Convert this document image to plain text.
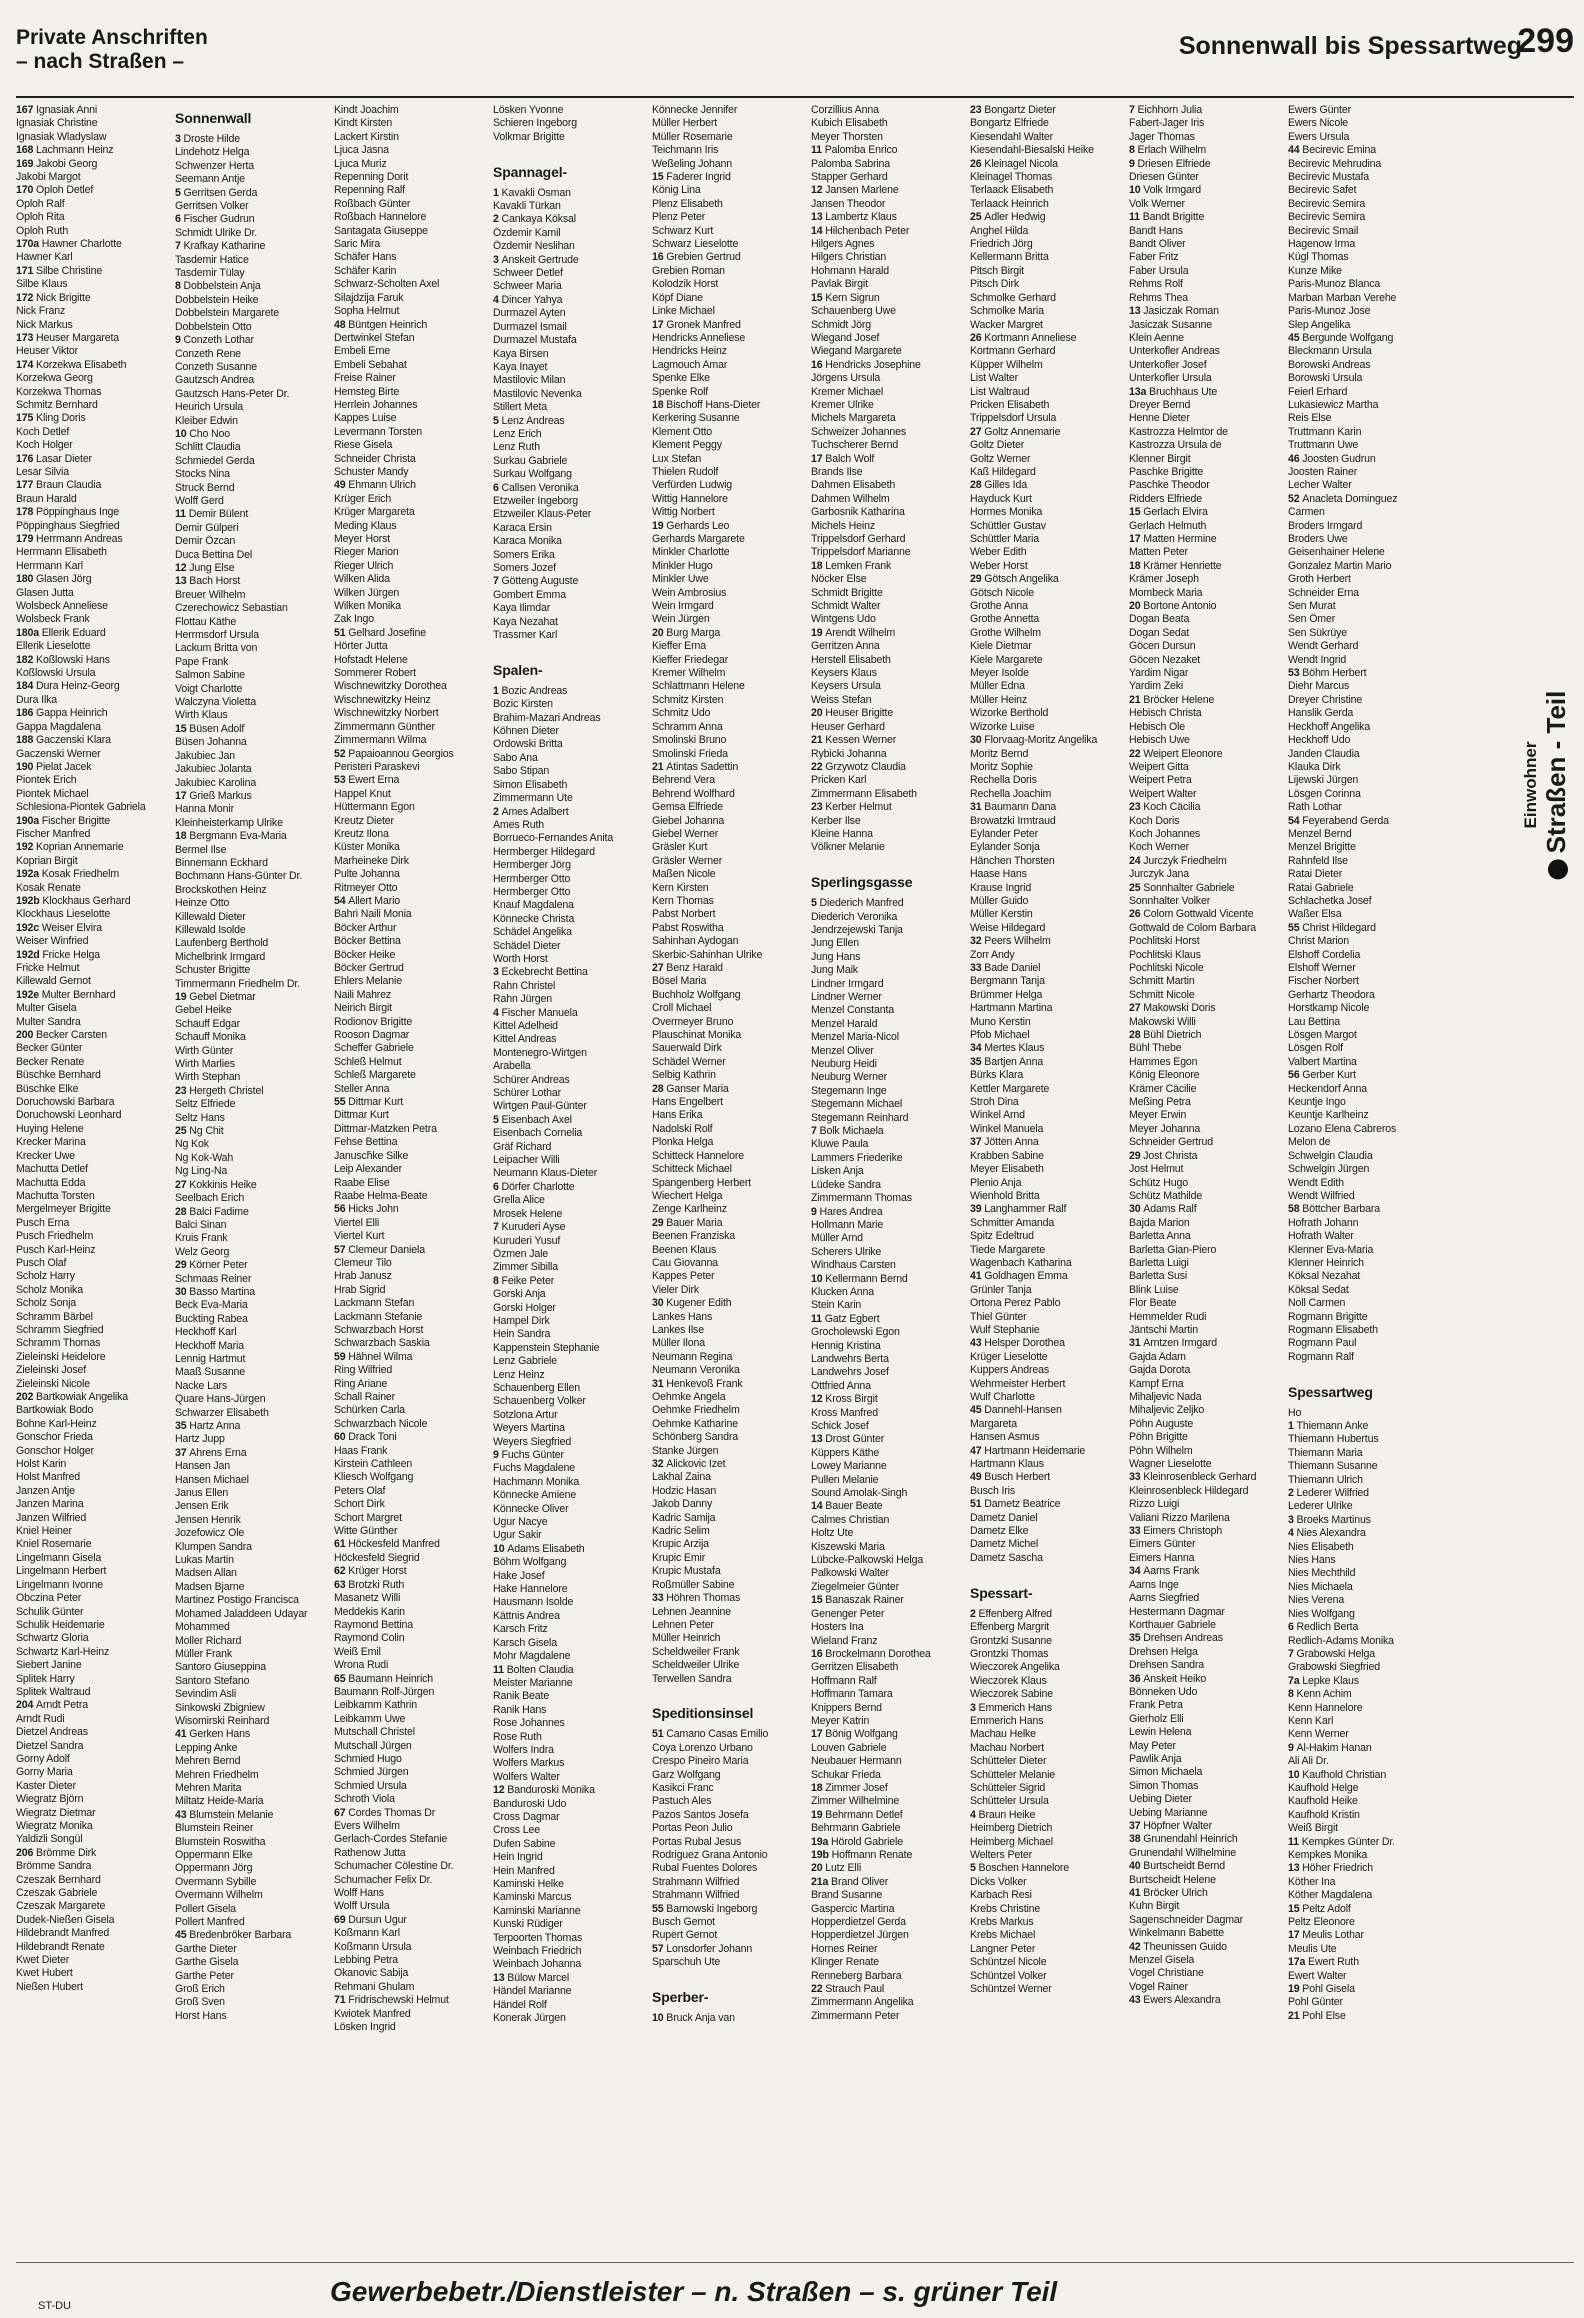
Private Anschriften
– nach Straßen –
Sonnenwall bis Spessartweg
299
167 Ignasiak Anni
Ignasiak Christine
Ignasiak Wladyslaw
168 Lachmann Heinz
169 Jakobi Georg
Jakobi Margot
170 Oploh Detlef
Oploh Ralf
Oploh Rita
Oploh Ruth
170a Hawner Charlotte
Hawner Karl
171 Silbe Christine
Silbe Klaus
172 Nick Brigitte
Nick Franz
Nick Markus
173 Heuser Margareta
Heuser Viktor
174 Korzekwa Elisabeth
Korzekwa Georg
Korzekwa Thomas
Schmitz Bernhard
175 Kling Doris
Koch Detlef
Koch Holger
176 Lasar Dieter
Lesar Silvia
177 Braun Claudia
Braun Harald
178 Pöppinghaus Inge
Pöppinghaus Siegfried
179 Herrmann Andreas
Herrmann Elisabeth
Herrmann Karl
180 Glasen Jörg
Glasen Jutta
Wolsbeck Anneliese
Wolsbeck Frank
180a Ellerik Eduard
Ellerik Lieselotte
182 Koßlowski Hans
Koßlowski Ursula
184 Dura Heinz-Georg
Dura Ilka
186 Gappa Heinrich
Gappa Magdalena
188 Gaczenski Klara
Gaczenski Werner
190 Pielat Jacek
Piontek Erich
Piontek Michael
Schlesiona-Piontek Gabriela
190a Fischer Brigitte
Fischer Manfred
192 Koprian Annemarie
Koprian Birgit
192a Kosak Friedhelm
Kosak Renate
192b Klockhaus Gerhard
Klockhaus Lieselotte
192c Weiser Elvira
Weiser Winfried
192d Fricke Helga
Fricke Helmut
Killewald Gernot
192e Multer Bernhard
Multer Gisela
Multer Sandra
200 Becker Carsten
Becker Günter
Becker Renate
Büschke Bernhard
Büschke Elke
Doruchowski Barbara
Doruchowski Leonhard
Huying Helene
Krecker Marina
Krecker Uwe
Machutta Detlef
Machutta Edda
Machutta Torsten
Mergelmeyer Brigitte
Pusch Erna
Pusch Friedhelm
Pusch Karl-Heinz
Pusch Olaf
Scholz Harry
Scholz Monika
Scholz Sonja
Schramm Bärbel
Schramm Siegfried
Schramm Thomas
Zieleinski Heidelore
Zieleinski Josef
Zieleinski Nicole
202 Bartkowiak Angelika
Bartkowiak Bodo
Bohne Karl-Heinz
Gonschor Frieda
Gonschor Holger
Holst Karin
Holst Manfred
Janzen Antje
Janzen Marina
Janzen Wilfried
Kniel Heiner
Kniel Rosemarie
Lingelmann Gisela
Lingelmann Herbert
Lingelmann Ivonne
Obczina Peter
Schulik Günter
Schulik Heidemarie
Schwartz Gloria
Schwartz Karl-Heinz
Siebert Janine
Splitek Harry
Splitek Waltraud
204 Arndt Petra
Arndt Rudi
Dietzel Andreas
Dietzel Sandra
Gorny Adolf
Gorny Maria
Kaster Dieter
Wiegratz Björn
Wiegratz Dietmar
Wiegratz Monika
Yaldizli Songül
206 Brömme Dirk
Brömme Sandra
Czeszak Bernhard
Czeszak Gabriele
Czeszak Margarete
Dudek-Nießen Gisela
Hildebrandt Manfred
Hildebrandt Renate
Kwet Dieter
Kwet Hubert
Nießen Hubert
Sonnenwall
3 Droste Hilde
Lindehotz Helga
Schwenzer Herta
Seemann Antje
5 Gerritsen Gerda
Gerritsen Volker
6 Fischer Gudrun
Schmidt Ulrike Dr.
7 Krafkay Katharine
Tasdemir Hatice
Tasdemir Tülay
8 Dobbelstein Anja
Dobbelstein Heike
Dobbelstein Margarete
Dobbelstein Otto
9 Conzeth Lothar
Conzeth Rene
Conzeth Susanne
Gautzsch Andrea
Gautzsch Hans-Peter Dr.
Heurich Ursula
Kleiber Edwin
10 Cho Noo
Schlitt Claudia
Schmiedel Gerda
Stocks Nina
Struck Bernd
Wolff Gerd
11 Demir Bülent
Demir Gülperi
Demir Özcan
Duca Bettina Del
12 Jung Else
13 Bach Horst
Breuer Wilhelm
Czerechowicz Sebastian
Flottau Käthe
Herrmsdorf Ursula
Lackum Britta von
Pape Frank
Salmon Sabine
Voigt Charlotte
Walczyna Violetta
Wirth Klaus
15 Büsen Adolf
Büsen Johanna
Jakubiec Jan
Jakubiec Jolanta
Jakubiec Karolina
17 Grieß Markus
Hanna Monir
Kleinheisterkamp Ulrike
18 Bergmann Eva-Maria
Bermel Ilse
Binnemann Eckhard
Bochmann Hans-Günter Dr.
Brockskothen Heinz
Heinze Otto
Killewald Dieter
Killewald Isolde
Laufenberg Berthold
Michelbrink Irmgard
Schuster Brigitte
Timmermann Friedhelm Dr.
19 Gebel Dietmar
Gebel Heike
Schauff Edgar
Schauff Monika
Wirth Günter
Wirth Marlies
Wirth Stephan
23 Hergeth Christel
Seltz Elfriede
Seltz Hans
25 Ng Chit
Ng Kok
Ng Kok-Wah
Ng Ling-Na
27 Kokkinis Heike
Seelbach Erich
28 Balci Fadime
Balci Sinan
Kruis Frank
Welz Georg
29 Körner Peter
Schmaas Reiner
30 Basso Martina
Beck Eva-Maria
Buckting Rabea
Heckhoff Karl
Heckhoff Maria
Lennig Hartmut
Maaß Susanne
Nacke Lars
Quare Hans-Jürgen
Schwarzer Elisabeth
35 Hartz Anna
Hartz Jupp
37 Ahrens Erna
Hansen Jan
Hansen Michael
Janus Ellen
Jensen Erik
Jensen Henrik
Jozefowicz Ole
Klumpen Sandra
Lukas Martin
Madsen Allan
Madsen Bjarne
Martinez Postigo Francisca
Mohamed Jaladdeen Udayar
Mohammed
Moller Richard
Müller Frank
Santoro Giuseppina
Santoro Stefano
Sevindim Asli
Sinkowski Zbigniew
Wisomirski Reinhard
41 Gerken Hans
Lepping Anke
Mehren Bernd
Mehren Friedhelm
Mehren Marita
Miltatz Heide-Maria
43 Blumstein Melanie
Blumstein Reiner
Blumstein Roswitha
Oppermann Elke
Oppermann Jörg
Overmann Sybille
Overmann Wilhelm
Pollert Gisela
Pollert Manfred
45 Bredenbröker Barbara
Garthe Dieter
Garthe Gisela
Garthe Peter
Groß Erich
Groß Sven
Horst Hans
Kindt Joachim
Kindt Kirsten
Lackert Kirstin
Ljuca Jasna
Ljuca Muriz
Repenning Dorit
Repenning Ralf
Roßbach Günter
Roßbach Hannelore
Santagata Giuseppe
Saric Mira
Schäfer Hans
Schäfer Karin
Schwarz-Scholten Axel
Silajdzija Faruk
Sopha Helmut
48 Büntgen Heinrich
Dertwinkel Stefan
Embeli Erne
Embeli Sebahat
Freise Rainer
Hemsteg Birte
Herrlein Johannes
Kappes Luise
Levermann Torsten
Riese Gisela
Schneider Christa
Schuster Mandy
49 Ehmann Ulrich
Krüger Erich
Krüger Margareta
Meding Klaus
Meyer Horst
Rieger Marion
Rieger Ulrich
Wilken Alida
Wilken Jürgen
Wilken Monika
Zak Ingo
51 Gelhard Josefine
Hörter Jutta
Hofstadt Helene
Sommerer Robert
Wischnewitzky Dorothea
Wischnewitzky Heinz
Wischnewitzky Norbert
Zimmermann Günther
Zimmermann Wilma
52 Papaioannou Georgios
Peristeri Paraskevi
53 Ewert Erna
Happel Knut
Hüttermann Egon
Kreutz Dieter
Kreutz Ilona
Küster Monika
Marheineke Dirk
Pulte Johanna
Ritmeyer Otto
54 Allert Mario
Bahri Naili Monia
Böcker Arthur
Böcker Bettina
Böcker Heike
Böcker Gertrud
Ehlers Melanie
Naili Mahrez
Neirich Birgit
Rodionov Brigitte
Rooson Dagmar
Scheffer Gabriele
Schleß Helmut
Schleß Margarete
Steller Anna
55 Dittmar Kurt
Dittmar Kurt
Dittmar-Matzken Petra
Fehse Bettina
Janusch̄ke Silke
Leip Alexander
Raabe Elise
Raabe Helma-Beate
56 Hicks John
Viertel Elli
Viertel Kurt
57 Clemeur Daniela
Clemeur Tilo
Hrab Janusz
Hrab Sigrid
Lackmann Stefan
Lackmann Stefanie
Schwarzbach Horst
Schwarzbach Saskia
59 Hähnel Wilma
Ring Wilfried
Ring Ariane
Schall Rainer
Schürken Carla
Schwarzbach Nicole
60 Drack Toni
Haas Frank
Kirstein Cathleen
Kliesch Wolfgang
Peters Olaf
Schort Dirk
Schort Margret
Witte Günther
61 Höckesfeld Manfred
Höckesfeld Siegrid
62 Krüger Horst
63 Brotzki Ruth
Masanetz Willi
Meddekis Karin
Raymond Bettina
Raymond Colin
Weiß Emil
Wrona Rudi
65 Baumann Heinrich
Baumann Rolf-Jürgen
Leibkamm Kathrin
Leibkamm Uwe
Mutschall Christel
Mutschall Jürgen
Schmied Hugo
Schmied Jürgen
Schmied Ursula
Schroth Viola
67 Cordes Thomas Dr
Evers Wilhelm
Gerlach-Cordes Stefanie
Rathenow Jutta
Schumacher Cölestine Dr.
Schumacher Felix Dr.
Wolff Hans
Wolff Ursula
69 Dursun Ugur
Koßmann Karl
Koßmann Ursula
Lebbing Petra
Okanovic Sabija
Rehmani Ghulam
71 Fridrischewski Helmut
Kwiotek Manfred
Lösken Ingrid
Lösken Yvonne
Schieren Ingeborg
Volkmar Brigitte

Spannagel-
1 Kavakli Osman
Kavakli Türkan
2 Cankaya Köksal
Özdemir Kamil
Özdemir Neslihan
3 Anskeit Gertrude
Schweer Detlef
Schweer Maria
4 Dincer Yahya
Durmazel Ayten
Durmazel Ismail
Durmazel Mustafa
Kaya Birsen
Kaya Inayet
Mastilovic Milan
Mastilovic Nevenka
Stillert Meta
5 Lenz Andreas
Lenz Erich
Lenz Ruth
Surkau Gabriele
Surkau Wolfgang
6 Callsen Veronika
Etzweiler Ingeborg
Etzweiler Klaus-Peter
Karaca Ersin
Karaca Monika
Somers Erika
Somers Jozef
7 Götteng Auguste
Gombert Emma
Kaya Ilimdar
Kaya Nezahat
Trassmer Karl

Spalen-
1 Bozic Andreas
Bozic Kirsten
Brahim-Mazari Andreas
Köhnen Dieter
Ordowski Britta
Sabo Ana
Sabo Stipan
Simon Elisabeth
Zimmermann Ute
2 Ames Adalbert
Ames Ruth
Borrueco-Fernandes Anita
Hermberger Hildegard
Hermberger Jörg
Hermberger Otto
Hermberger Otto
Knauf Magdalena
Könnecke Christa
Schädel Angelika
Schädel Dieter
Worth Horst
3 Eckebrecht Bettina
Rahn Christel
Rahn Jürgen
4 Fischer Manuela
Kittel Adelheid
Kittel Andreas
Montenegro-Wirtgen
Arabella
Schürer Andreas
Schürer Lothar
Wirtgen Paul-Günter
5 Eisenbach Axel
Eisenbach Cornelia
Gräf Richard
Leipacher Willi
Neumann Klaus-Dieter
6 Dörfer Charlotte
Grella Alice
Mrosek Helene
7 Kuruderi Ayse
Kuruderi Yusuf
Özmen Jale
Zimmer Sibilla
8 Feike Peter
Gorski Anja
Gorski Holger
Hampel Dirk
Hein Sandra
Kappenstein Stephanie
Lenz Gabriele
Lenz Heinz
Schauenberg Ellen
Schauenberg Volker
Sotzlona Artur
Weyers Martina
Weyers Siegfried
9 Fuchs Günter
Fuchs Magdalene
Hachmann Monika
Könnecke Amiene
Könnecke Oliver
Ugur Nacye
Ugur Sakir
10 Adams Elisabeth
Böhm Wolfgang
Hake Josef
Hake Hannelore
Hausmann Isolde
Kättnis Andrea
Karsch Fritz
Karsch Gisela
Mohr Magdalene
11 Bolten Claudia
Meister Marianne
Ranik Beate
Ranik Hans
Rose Johannes
Rose Ruth
Wolfers Indra
Wolfers Markus
Wolfers Walter
12 Banduroski Monika
Banduroski Udo
Cross Dagmar
Cross Lee
Dufen Sabine
Hein Ingrid
Hein Manfred
Kaminski Helke
Kaminski Marcus
Kaminski Marianne
Kunski Rüdiger
Terpoorten Thomas
Weinbach Friedrich
Weinbach Johanna
13 Bülow Marcel
Händel Marianne
Händel Rolf
Konerak Jürgen
Könnecke Jennifer
Müller Herbert
Müller Rosemarie
Teichmann Iris
Weßeling Johann
15 Faderer Ingrid
König Lina
Plenz Elisabeth
Plenz Peter
Schwarz Kurt
Schwarz Lieselotte
16 Grebien Gertrud
Grebien Roman
Kolodzik Horst
Köpf Diane
Linke Michael
17 Gronek Manfred
Hendricks Anneliese
Hendricks Heinz
Lagmouch Amar
Spenke Elke
Spenke Rolf
18 Bischoff Hans-Dieter
Kerkering Susanne
Klement Otto
Klement Peggy
Lux Stefan
Thielen Rudolf
Verfürden Ludwig
Wittig Hannelore
Wittig Norbert
19 Gerhards Leo
Gerhards Margarete
Minkler Charlotte
Minkler Hugo
Minkler Uwe
Wein Ambrosius
Wein Irmgard
Wein Jürgen
20 Burg Marga
Kieffer Erna
Kieffer Friedegar
Kremer Wilhelm
Schlattmann Helene
Schmitz Kirsten
Schmitz Udo
Schramm Anna
Smolinski Bruno
Smolinski Frieda
21 Atintas Sadettin
Behrend Vera
Behrend Wolfhard
Gemsa Elfriede
Giebel Johanna
Giebel Werner
Gräsler Kurt
Gräsler Werner
Maßen Nicole
Kern Kirsten
Kern Thomas
Pabst Norbert
Pabst Roswitha
Sahinhan Aydogan
Skerbic-Sahinhan Ulrike
27 Benz Harald
Bösel Maria
Buchholz Wolfgang
Croll Michael
Overmeyer Bruno
Plauschinat Monika
Sauerwald Dirk
Schädel Werner
Selbig Kathrin
28 Ganser Maria
Hans Engelbert
Hans Erika
Nadolski Rolf
Plonka Helga
Schitteck Hannelore
Schitteck Michael
Spangenberg Herbert
Wiechert Helga
Zenge Karlheinz
29 Bauer Maria
Beenen Franziska
Beenen Klaus
Cau Giovanna
Kappes Peter
Vieler Dirk
30 Kugener Edith
Lankes Hans
Lankes Ilse
Müller Ilona
Neumann Regina
Neumann Veronika
31 Henkevoß Frank
Oehmke Angela
Oehmke Friedhelm
Oehmke Katharine
Schönberg Sandra
Stanke Jürgen
32 Alickovic Izet
Lakhal Zaina
Hodzic Hasan
Jakob Danny
Kadric Samija
Kadric Selim
Krupic Arzija
Krupic Emir
Krupic Mustafa
Roßmüller Sabine
33 Höhren Thomas
Lehnen Jeannine
Lehnen Peter
Müller Heinrich
Scheldweiler Frank
Scheldweiler Ulrike
Terwellen Sandra

Speditionsinsel
51 Camano Casas Emilio
Coya Lorenzo Urbano
Crespo Pineiro Maria
Garz Wolfgang
Kasikci Franc
Pastuch Ales
Pazos Santos Josefa
Portas Peon Julio
Portas Rubal Jesus
Rodriguez Grana Antonio
Rubal Fuentes Dolores
Strahmann Wilfried
Strahmann Wilfried
55 Barnowski Ingeborg
Busch Gernot
Rupert Gernot
57 Lonsdorfer Johann
Sparschuh Ute

Sperber-
10 Bruck Anja van
Corzillius Anna
Kubich Elisabeth
Meyer Thorsten
11 Palomba Enrico
Palomba Sabrina
Stapper Gerhard
12 Jansen Marlene
Jansen Theodor
13 Lambertz Klaus
14 Hilchenbach Peter
Hilgers Agnes
Hilgers Christian
Hohmann Harald
Pavlak Birgit
15 Kern Sigrun
Schauenberg Uwe
Schmidt Jörg
Wiegand Josef
Wiegand Margarete
16 Hendricks Josephine
Jörgens Ursula
Kremer Michael
Kremer Ulrike
Michels Margareta
Schweizer Johannes
Tuchscherer Bernd
17 Balch Wolf
Brands Ilse
Dahmen Elisabeth
Dahmen Wilhelm
Garbosnik Katharina
Michels Heinz
Trippelsdorf Gerhard
Trippelsdorf Marianne
18 Lemken Frank
Nöcker Else
Schmidt Brigitte
Schmidt Walter
Wintgens Udo
19 Arendt Wilhelm
Gerritzen Anna
Herstell Elisabeth
Keysers Klaus
Keysers Ursula
Weiss Stefan
20 Heuser Brigitte
Heuser Gerhard
21 Kessen Werner
Rybicki Johanna
22 Grzywotz Claudia
Pricken Karl
Zimmermann Elisabeth
23 Kerber Helmut
Kerber Ilse
Kleine Hanna
Völkner Melanie

Sperlingsgasse
5 Diederich Manfred
Diederich Veronika
Jendrzejewski Tanja
Jung Ellen
Jung Hans
Jung Maik
Lindner Irmgard
Lindner Werner
Menzel Constanta
Menzel Harald
Menzel Maria-Nicol
Menzel Oliver
Neuburg Heidi
Neuburg Werner
Stegemann Inge
Stegemann Michael
Stegemann Reinhard
7 Bolk Michaela
Kluwe Paula
Lammers Friederike
Lisken Anja
Lüdeke Sandra
Zimmermann Thomas
9 Hares Andrea
Hollmann Marie
Müller Arnd
Scherers Ulrike
Windhaus Carsten
10 Kellermann Bernd
Klucken Anna
Stein Karin
11 Gatz Egbert
Grocholewski Egon
Hennig Kristina
Landwehrs Berta
Landwehrs Josef
Ottfried Anna
12 Kross Birgit
Kross Manfred
Schick Josef
13 Drost Günter
Küppers Käthe
Lowey Marianne
Pullen Melanie
Sound Amolak-Singh
14 Bauer Beate
Calmes Christian
Holtz Ute
Kiszewski Maria
Lübcke-Palkowski Helga
Palkowski Walter
Ziegelmeier Günter
15 Banaszak Rainer
Genenger Peter
Hosters Ina
Wieland Franz
16 Brockelmann Dorothea
Gerritzen Elisabeth
Hoffmann Ralf
Hoffmann Tamara
Knippers Bernd
Meyer Katrin
17 Bönig Wolfgang
Louven Gabriele
Neubauer Hermann
Schukar Frieda
18 Zimmer Josef
Zimmer Wilhelmine
19 Behrmann Detlef
Behrmann Gabriele
19a Hörold Gabriele
19b Hoffmann Renate
20 Lutz Elli
21a Brand Oliver
Brand Susanne
Gaspercic Martina
Hopperdietzel Gerda
Hopperdietzel Jürgen
Hornes Reiner
Klinger Renate
Renneberg Barbara
22 Strauch Paul
Zimmermann Angelika
Zimmermann Peter
23 Bongartz Dieter
Bongartz Elfriede
Kiesendahl Walter
Kiesendahl-Biesalski Heike
26 Kleinagel Nicola
Kleinagel Thomas
Terlaack Elisabeth
Terlaack Heinrich
25 Adler Hedwig
Anghel Hilda
Friedrich Jörg
Kellermann Britta
Pitsch Birgit
Pitsch Dirk
Schmolke Gerhard
Schmolke Maria
Wacker Margret
26 Kortmann Anneliese
Kortmann Gerhard
Küpper Wilhelm
List Walter
List Waltraud
Pricken Elisabeth
Trippelsdorf Ursula
27 Goltz Annemarie
Goltz Dieter
Goltz Werner
Kaß Hildegard
28 Gilles Ida
Hayduck Kurt
Hormes Monika
Schüttler Gustav
Schüttler Maria
Weber Edith
Weber Horst
29 Götsch Angelika
Götsch Nicole
Grothe Anna
Grothe Annetta
Grothe Wilhelm
Kiele Dietmar
Kiele Margarete
Meyer Isolde
Müller Edna
Müller Heinz
Wizorke Berthold
Wizorke Luise
30 Florvaag-Moritz Angelika
Moritz Bernd
Moritz Sophie
Rechella Doris
Rechella Joachim
31 Baumann Dana
Browatzki Irmtraud
Eylander Peter
Eylander Sonja
Hänchen Thorsten
Haase Hans
Krause Ingrid
Müller Guido
Müller Kerstin
Weise Hildegard
32 Peers Wilhelm
Zorr Andy
33 Bade Daniel
Bergmann Tanja
Brümmer Helga
Hartmann Martina
Muno Kerstin
Pfob Michael
34 Mertes Klaus
35 Bartjen Anna
Bürks Klara
Kettler Margarete
Stroh Dina
Winkel Arnd
Winkel Manuela
37 Jötten Anna
Krabben Sabine
Meyer Elisabeth
Plenio Anja
Wienhold Britta
39 Langhammer Ralf
Schmitter Amanda
Spitz Edeltrud
Tiede Margarete
Wagenbach Katharina
41 Goldhagen Emma
Grünler Tanja
Ortona Perez Pablo
Thiel Günter
Wulf Stephanie
43 Helsper Dorothea
Krüger Lieselotte
Kuppers Andreas
Wehrmeister Herbert
Wulf Charlotte
45 Dannehl-Hansen
Margareta
Hansen Asmus
47 Hartmann Heidemarie
Hartmann Klaus
49 Busch Herbert
Busch Iris
51 Dametz Beatrice
Dametz Daniel
Dametz Elke
Dametz Michel
Dametz Sascha

Spessart-
2 Effenberg Alfred
Effenberg Margrit
Grontzki Susanne
Grontzki Thomas
Wieczorek Angelika
Wieczorek Klaus
Wieczorek Sabine
3 Emmerich Hans
Emmerich Hans
Machau Helke
Machau Norbert
Schütteler Dieter
Schütteler Melanie
Schütteler Sigrid
Schütteler Ursula
4 Braun Heike
Heimberg Dietrich
Heimberg Michael
Welters Peter
5 Boschen Hannelore
Dicks Volker
Karbach Resi
Krebs Christine
Krebs Markus
Krebs Michael
Langner Peter
Schüntzel Nicole
Schüntzel Volker
Schüntzel Werner
7 Eichhorn Julia
Fabert-Jager Iris
Jager Thomas
8 Erlach Wilhelm
9 Driesen Elfriede
Driesen Günter
10 Volk Irmgard
Volk Werner
11 Bandt Brigitte
Bandt Hans
Bandt Oliver
Faber Fritz
Faber Ursula
Rehms Rolf
Rehms Thea
13 Jasiczak Roman
Jasiczak Susanne
Klein Aenne
Unterkofler Andreas
Unterkofler Josef
Unterkofler Ursula
13a Bruchhaus Ute
Dreyer Bernd
Henne Dieter
Kastrozza Helmtor de
Kastrozza Ursula de
Klenner Birgit
Paschke Brigitte
Paschke Theodor
Ridders Elfriede
15 Gerlach Elvira
Gerlach Helmuth
17 Matten Hermine
Matten Peter
18 Krämer Henriette
Krämer Joseph
Mombeck Maria
20 Bortone Antonio
Dogan Beata
Dogan Sedat
Göcen Dursun
Göcen Nezaket
Yardim Nigar
Yardim Zeki
21 Bröcker Helene
Hebisch Christa
Hebisch Ole
Hebisch Uwe
22 Weipert Eleonore
Weipert Gitta
Weipert Petra
Weipert Walter
23 Koch Cäcilia
Koch Doris
Koch Johannes
Koch Werner
24 Jurczyk Friedhelm
Jurczyk Jana
25 Sonnhalter Gabriele
Sonnhalter Volker
26 Colom Gottwald Vicente
Gottwald de Colom Barbara
Pochlitski Horst
Pochlitski Klaus
Pochlitski Nicole
Schmitt Martin
Schmitt Nicole
27 Makowski Doris
Makowski Willi
28 Bühl Dietrich
Bühl Thebe
Hammes Egon
König Eleonore
Krämer Cäcilie
Meßing Petra
Meyer Erwin
Meyer Johanna
Schneider Gertrud
29 Jost Christa
Jost Helmut
Schütz Hugo
Schütz Mathilde
30 Adams Ralf
Bajda Marion
Barletta Anna
Barletta Gian-Piero
Barletta Luigi
Barletta Susi
Blink Luise
Flor Beate
Hemmelder Rudi
Jäntschi Martin
31 Arntzen Irmgard
Gajda Adam
Gajda Dorota
Kampf Erna
Mihaljevic Nada
Mihaljevic Zeljko
Pöhn Auguste
Pöhn Brigitte
Pöhn Wilhelm
Wagner Lieselotte
33 Kleinrosenbleck Gerhard
Kleinrosenbleck Hildegard
Rizzo Luigi
Valiani Rizzo Marilena
33 Eimers Christoph
Eimers Günter
Eimers Hanna
34 Aarns Frank
Aarns Inge
Aarns Siegfried
Hestermann Dagmar
Korthauer Gabriele
35 Drehsen Andreas
Drehsen Helga
Drehsen Sandra
36 Anskeit Heiko
Bönneken Udo
Frank Petra
Gierholz Elli
Lewin Helena
May Peter
Pawlik Anja
Simon Michaela
Simon Thomas
Uebing Dieter
Uebing Marianne
37 Höpfner Walter
38 Grunendahl Heinrich
Grunendahl Wilhelmine
40 Burtscheidt Bernd
Burtscheidt Helene
41 Bröcker Ulrich
Kuhn Birgit
Sagenschneider Dagmar
Winkelmann Babette
42 Theunissen Guido
Menzel Gisela
Vogel Christiane
Vogel Rainer
43 Ewers Alexandra
Ewers Günter
Ewers Nicole
Ewers Ursula
44 Becirevic Emina
Becirevic Mehrudina
Becirevic Mustafa
Becirevic Safet
Becirevic Semira
Becirevic Semira
Becirevic Smail
Hagenow Irma
Kügl Thomas
Kunze Mike
Paris-Munoz Blanca
Marban Marban Verehe
Paris-Munoz Jose
Slep Angelika
45 Bergunde Wolfgang
Bleckmann Ursula
Borowski Andreas
Borowski Ursula
Feierl Erhard
Lukasiewicz Martha
Reis Else
Truttmann Karin
Truttmann Uwe
46 Joosten Gudrun
Joosten Rainer
Lecher Walter
52 Anacleta Dominguez
Carmen
Broders Irmgard
Broders Uwe
Geisenhainer Helene
Gonzalez Martin Mario
Groth Herbert
Schneider Erna
Sen Murat
Sen Ömer
Sen Sükrüye
Wendt Gerhard
Wendt Ingrid
53 Böhm Herbert
Diehr Marcus
Dreyer Christine
Hanslik Gerda
Heckhoff Angelika
Heckhoff Udo
Janden Claudia
Klauka Dirk
Lijewski Jürgen
Lösgen Corinna
Rath Lothar
54 Feyerabend Gerda
Menzel Bernd
Menzel Brigitte
Rahnfeld Ilse
Ratai Dieter
Ratai Gabriele
Schlachetka Josef
Waßer Elsa
55 Christ Hildegard
Christ Marion
Elshoff Cordelia
Elshoff Werner
Fischer Norbert
Gerhartz Theodora
Horstkamp Nicole
Lau Bettina
Lösgen Margot
Lösgen Rolf
Valbert Martina
56 Gerber Kurt
Heckendorf Anna
Keuntje Ingo
Keuntje Karlheinz
Lozano Elena Cabreros
Melon de
Schwelgin Claudia
Schwelgin Jürgen
Wendt Edith
Wendt Wilfried
58 Böttcher Barbara
Hofrath Johann
Hofrath Walter
Klenner Eva-Maria
Klenner Heinrich
Köksal Nezahat
Köksal Sedat
Noll Carmen
Rogmann Brigitte
Rogmann Elisabeth
Rogmann Paul
Rogmann Ralf

Spessartweg
Ho
1 Thiemann Anke
Thiemann Hubertus
Thiemann Maria
Thiemann Susanne
Thiemann Ulrich
2 Lederer Wilfried
Lederer Ulrike
3 Broeks Martinus
4 Nies Alexandra
Nies Elisabeth
Nies Hans
Nies Mechthild
Nies Michaela
Nies Verena
Nies Wolfgang
6 Redlich Berta
Redlich-Adams Monika
7 Grabowski Helga
Grabowski Siegfried
7a Lepke Klaus
8 Kenn Achim
Kenn Hannelore
Kenn Karl
Kenn Werner
9 Al-Hakim Hanan
Ali Ali Dr.
10 Kaufhold Christian
Kaufhold Helge
Kaufhold Heike
Kaufhold Kristin
Weiß Birgit
11 Kempkes Günter Dr.
Kempkes Monika
13 Höher Friedrich
Köther Ina
Köther Magdalena
15 Peltz Adolf
Peltz Eleonore
17 Meulis Lothar
Meulis Ute
17a Ewert Ruth
Ewert Walter
19 Pohl Gisela
Pohl Günter
21 Pohl Else
Einwohner Straßen - Teil
Gewerbebetr./Dienstleister – n. Straßen – s. grüner Teil
ST-DU
